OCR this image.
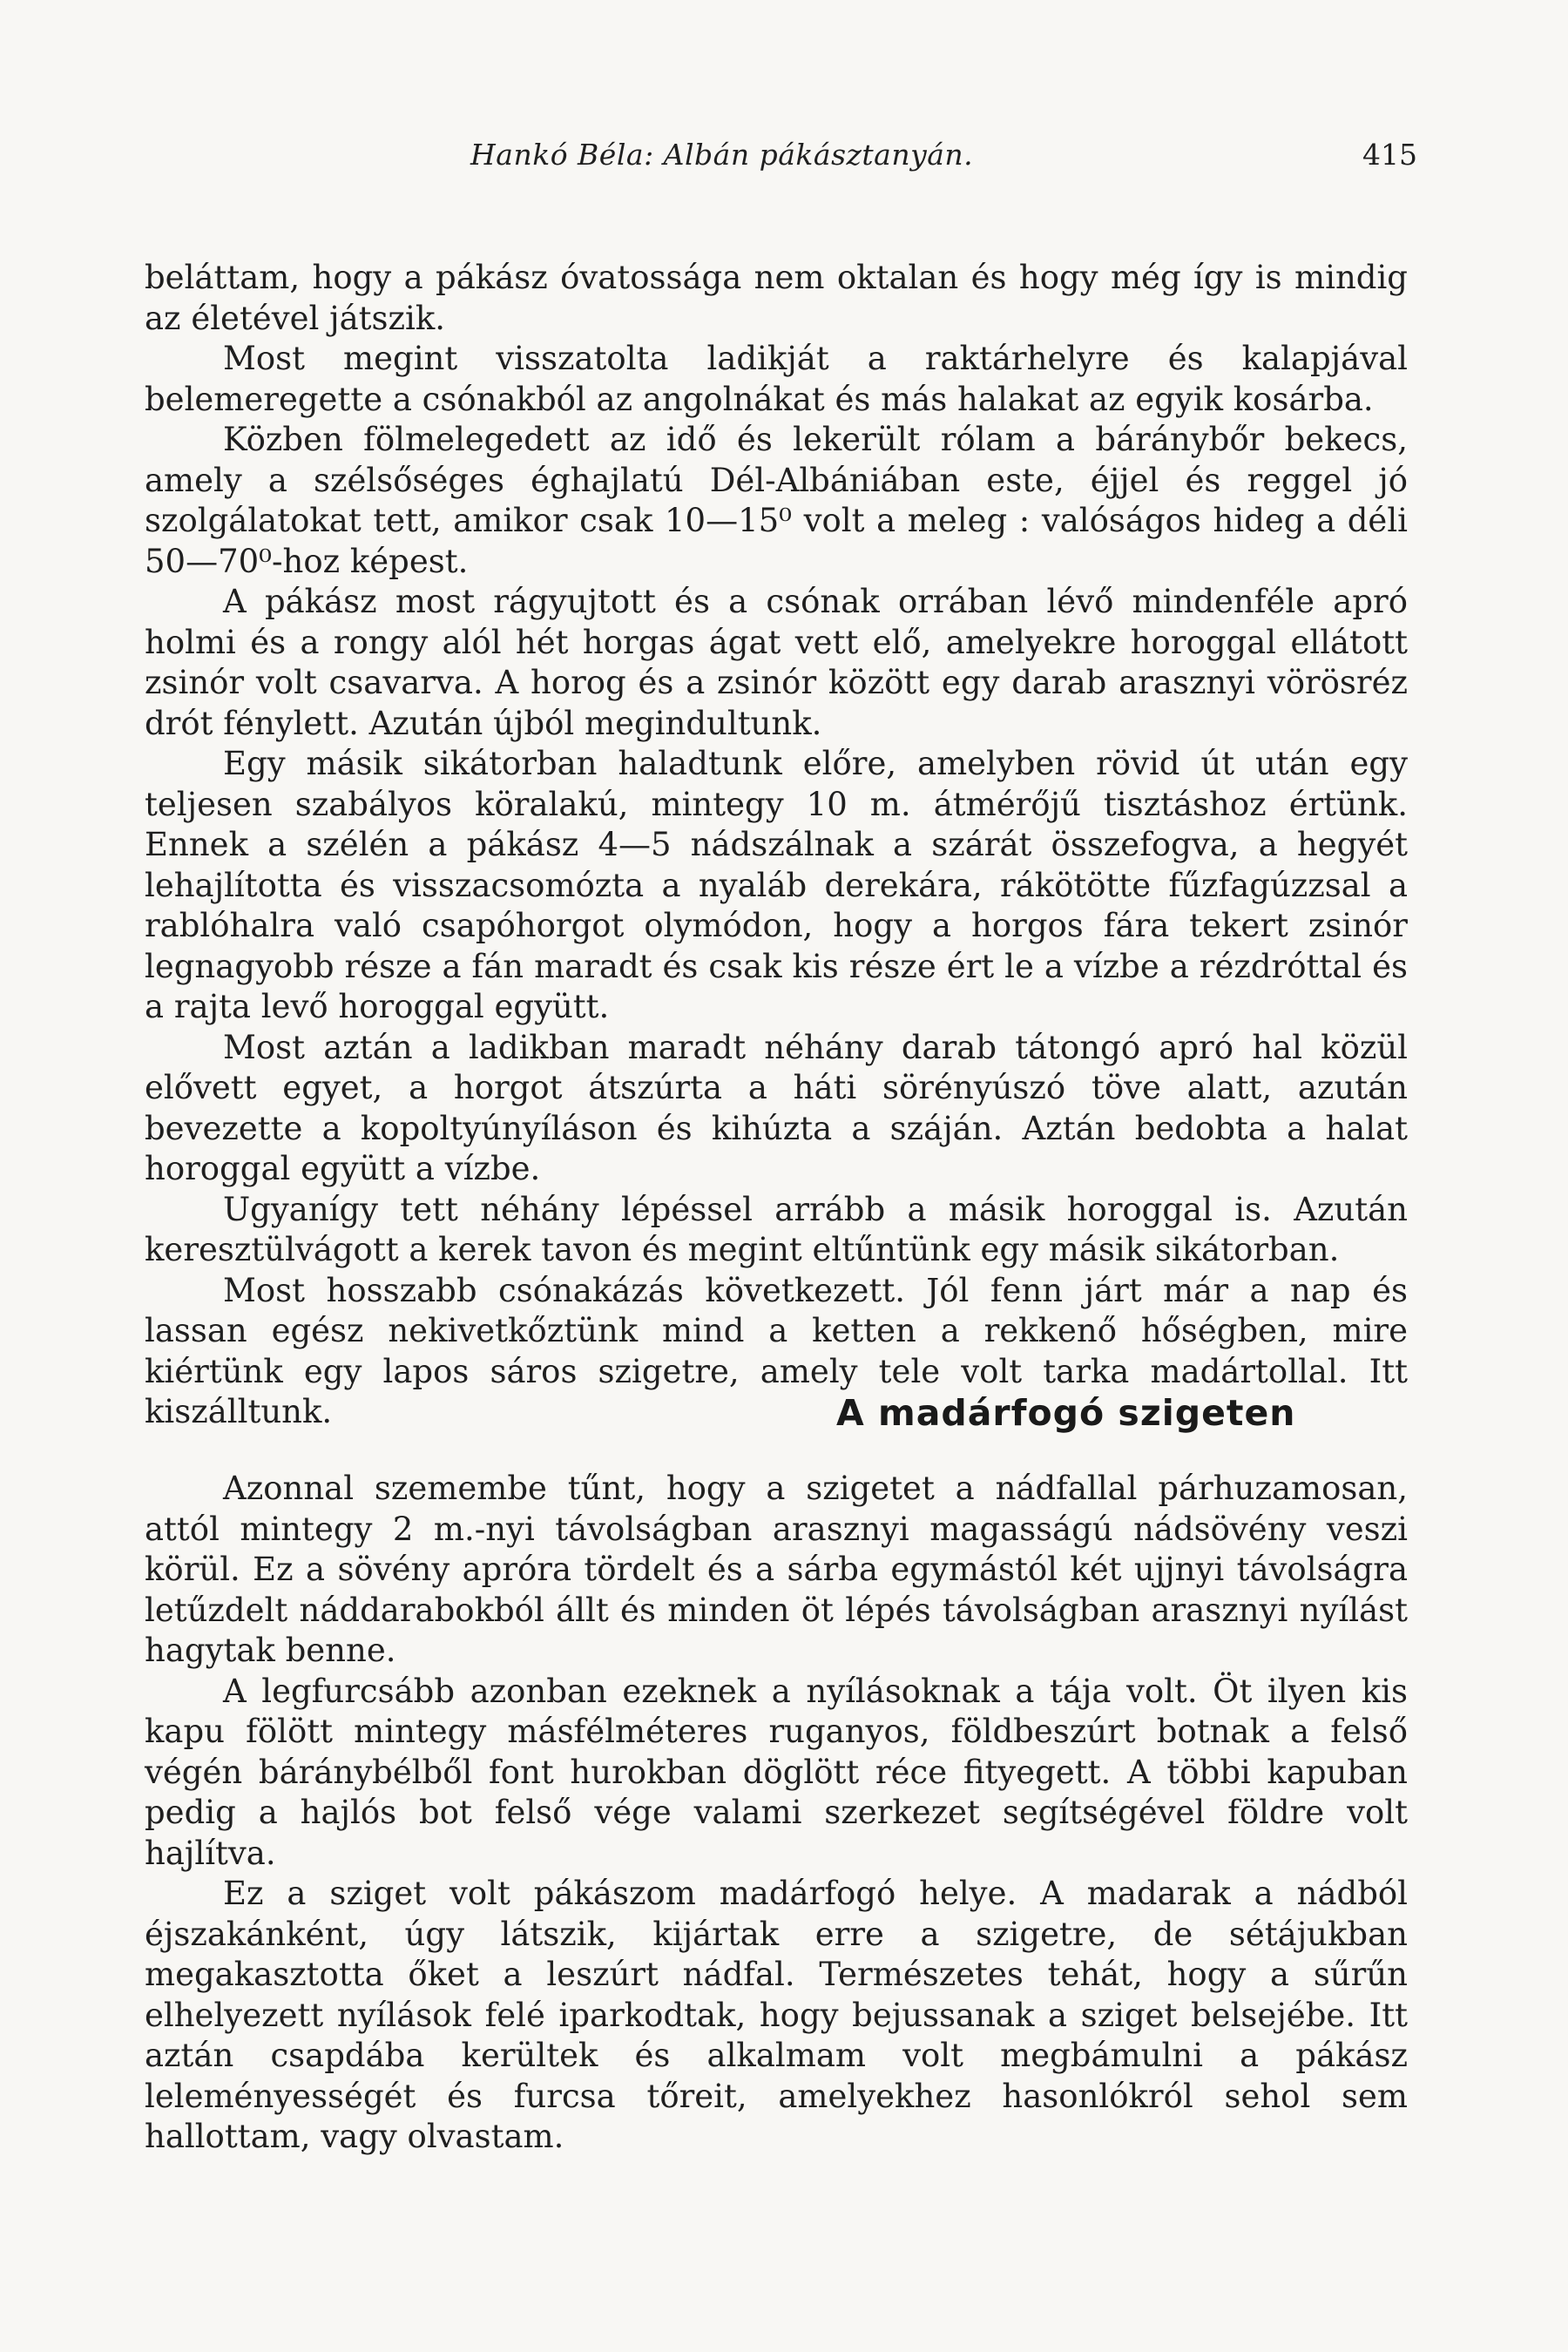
Hankó Béla: Albán pákásztanyán.	415

beláttam, hogy a pákász óvatossága nem oktalan és hogy még így is mindig az életével játszik.

Most megint visszatolta ladikját a raktárhelyre és kalapjával belemeregette a csónakból az angolnákat és más halakat az egyik kosárba.

Közben fölmelegedett az idő és lekerült rólam a báránybőr bekecs, amely a szélsőséges éghajlatú Dél-Albániában este, éjjel és reggel jó szolgálatokat tett, amikor csak 10—15⁰ volt a meleg : valóságos hideg a déli 50—70⁰-hoz képest.

A pákász most rágyujtott és a csónak orrában lévő mindenféle apró holmi és a rongy alól hét horgas ágat vett elő, amelyekre horoggal ellátott zsinór volt csavarva. A horog és a zsinór között egy darab arasznyi vörösréz drót fénylett. Azután újból megindultunk.

Egy másik sikátorban haladtunk előre, amelyben rövid út után egy teljesen szabályos köralakú, mintegy 10 m. átmérőjű tisztáshoz értünk. Ennek a szélén a pákász 4—5 nádszálnak a szárát összefogva, a hegyét lehajlította és visszacsomózta a nyaláb derekára, rákötötte fűzfagúzzsal a rablóhalra való csapóhorgot olymódon, hogy a horgos fára tekert zsinór legnagyobb része a fán maradt és csak kis része ért le a vízbe a rézdróttal és a rajta levő horoggal együtt.

Most aztán a ladikban maradt néhány darab tátongó apró hal közül elővett egyet, a horgot átszúrta a háti sörényúszó töve alatt, azután bevezette a kopoltyúnyíláson és kihúzta a száján. Aztán bedobta a halat horoggal együtt a vízbe.

Ugyanígy tett néhány lépéssel arrább a másik horoggal is. Azután keresztülvágott a kerek tavon és megint eltűntünk egy másik sikátorban.

Most hosszabb csónakázás következett. Jól fenn járt már a nap és lassan egész nekivetkőztünk mind a ketten a rekkenő hőségben, mire kiértünk egy lapos sáros szigetre, amely tele volt tarka madártollal. Itt kiszálltunk.	A madárfogó szigeten

Azonnal szemembe tűnt, hogy a szigetet a nádfallal párhuzamosan, attól mintegy 2 m.-nyi távolságban arasznyi magasságú nádsövény veszi körül. Ez a sövény apróra tördelt és a sárba egymástól két ujjnyi távolságra letűzdelt náddarabokból állt és minden öt lépés távolságban arasznyi nyílást hagytak benne.

A legfurcsább azonban ezeknek a nyílásoknak a tája volt. Öt ilyen kis kapu fölött mintegy másfélméteres ruganyos, földbeszúrt botnak a felső végén báránybélből font hurokban döglött réce fityegett. A többi kapuban pedig a hajlós bot felső vége valami szerkezet segítségével földre volt hajlítva.

Ez a sziget volt pákászom madárfogó helye. A madarak a nádból éjszakánként, úgy látszik, kijártak erre a szigetre, de sétájukban megakasztotta őket a leszúrt nádfal. Természetes tehát, hogy a sűrűn elhelyezett nyílások felé iparkodtak, hogy bejussanak a sziget belsejébe. Itt aztán csapdába kerültek és alkalmam volt megbámulni a pákász leleményességét és furcsa tőreit, amelyekhez hasonlókról sehol sem hallottam, vagy olvastam.
